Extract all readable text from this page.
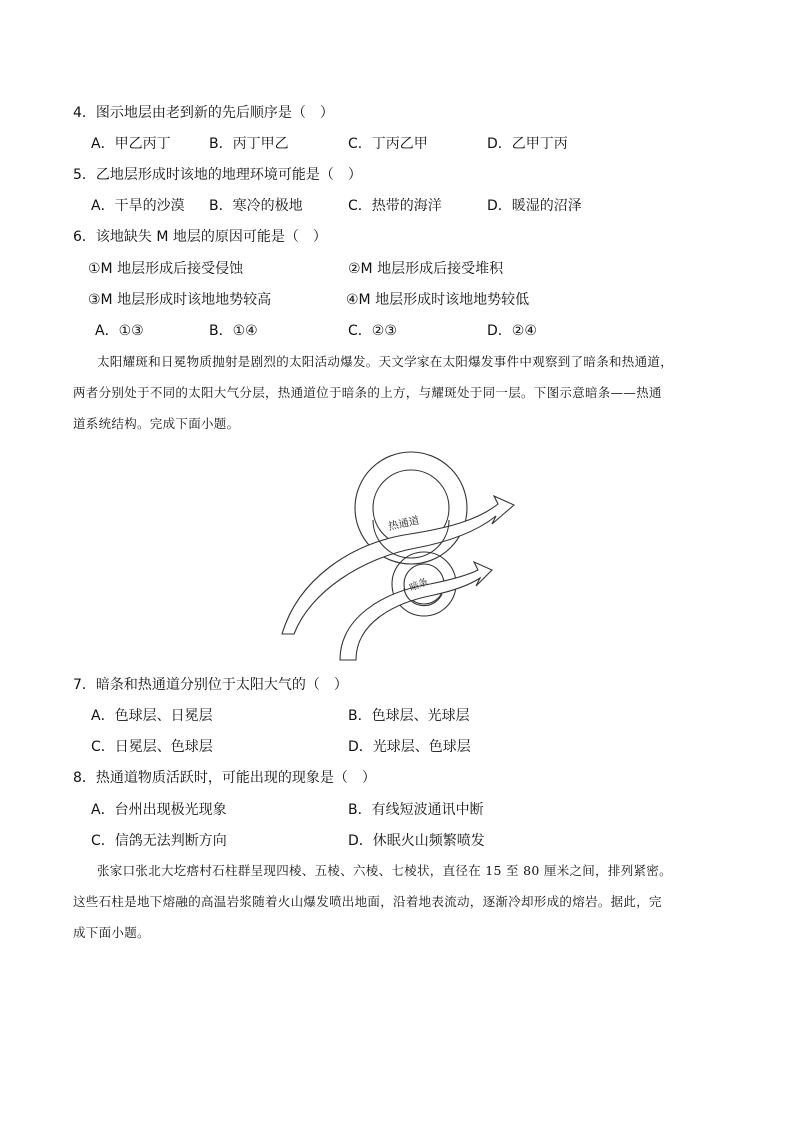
4．图示地层由老到新的先后顺序是（　）
A．甲乙丙丁	B．丙丁甲乙	C．丁丙乙甲	D．乙甲丁丙
5．乙地层形成时该地的地理环境可能是（　）
A．干旱的沙漠 B．寒冷的极地	C．热带的海洋	D．暖湿的沼泽
6．该地缺失 M 地层的原因可能是（　）
①M 地层形成后接受侵蚀	②M 地层形成后接受堆积
③M 地层形成时该地地势较高	④M 地层形成时该地地势较低
A．①③	B．①④	C．②③	D．②④
太阳耀斑和日冕物质抛射是剧烈的太阳活动爆发。天文学家在太阳爆发事件中观察到了暗条和热通道，
两者分别处于不同的太阳大气分层，热通道位于暗条的上方，与耀斑处于同一层。下图示意暗条——热通
道系统结构。完成下面小题。
热通道
暗条
7．暗条和热通道分别位于太阳大气的（　）
A．色球层、日冕层	B．色球层、光球层
C．日冕层、色球层	D．光球层、色球层
8．热通道物质活跃时，可能出现的现象是（　）
A．台州出现极光现象	B．有线短波通讯中断
C．信鸽无法判断方向	D．休眠火山频繁喷发
张家口张北大圪瘩村石柱群呈现四棱、五棱、六棱、七棱状，直径在 15 至 80 厘米之间，排列紧密。
这些石柱是地下熔融的高温岩浆随着火山爆发喷出地面，沿着地表流动，逐渐冷却形成的熔岩。据此，完
成下面小题。
